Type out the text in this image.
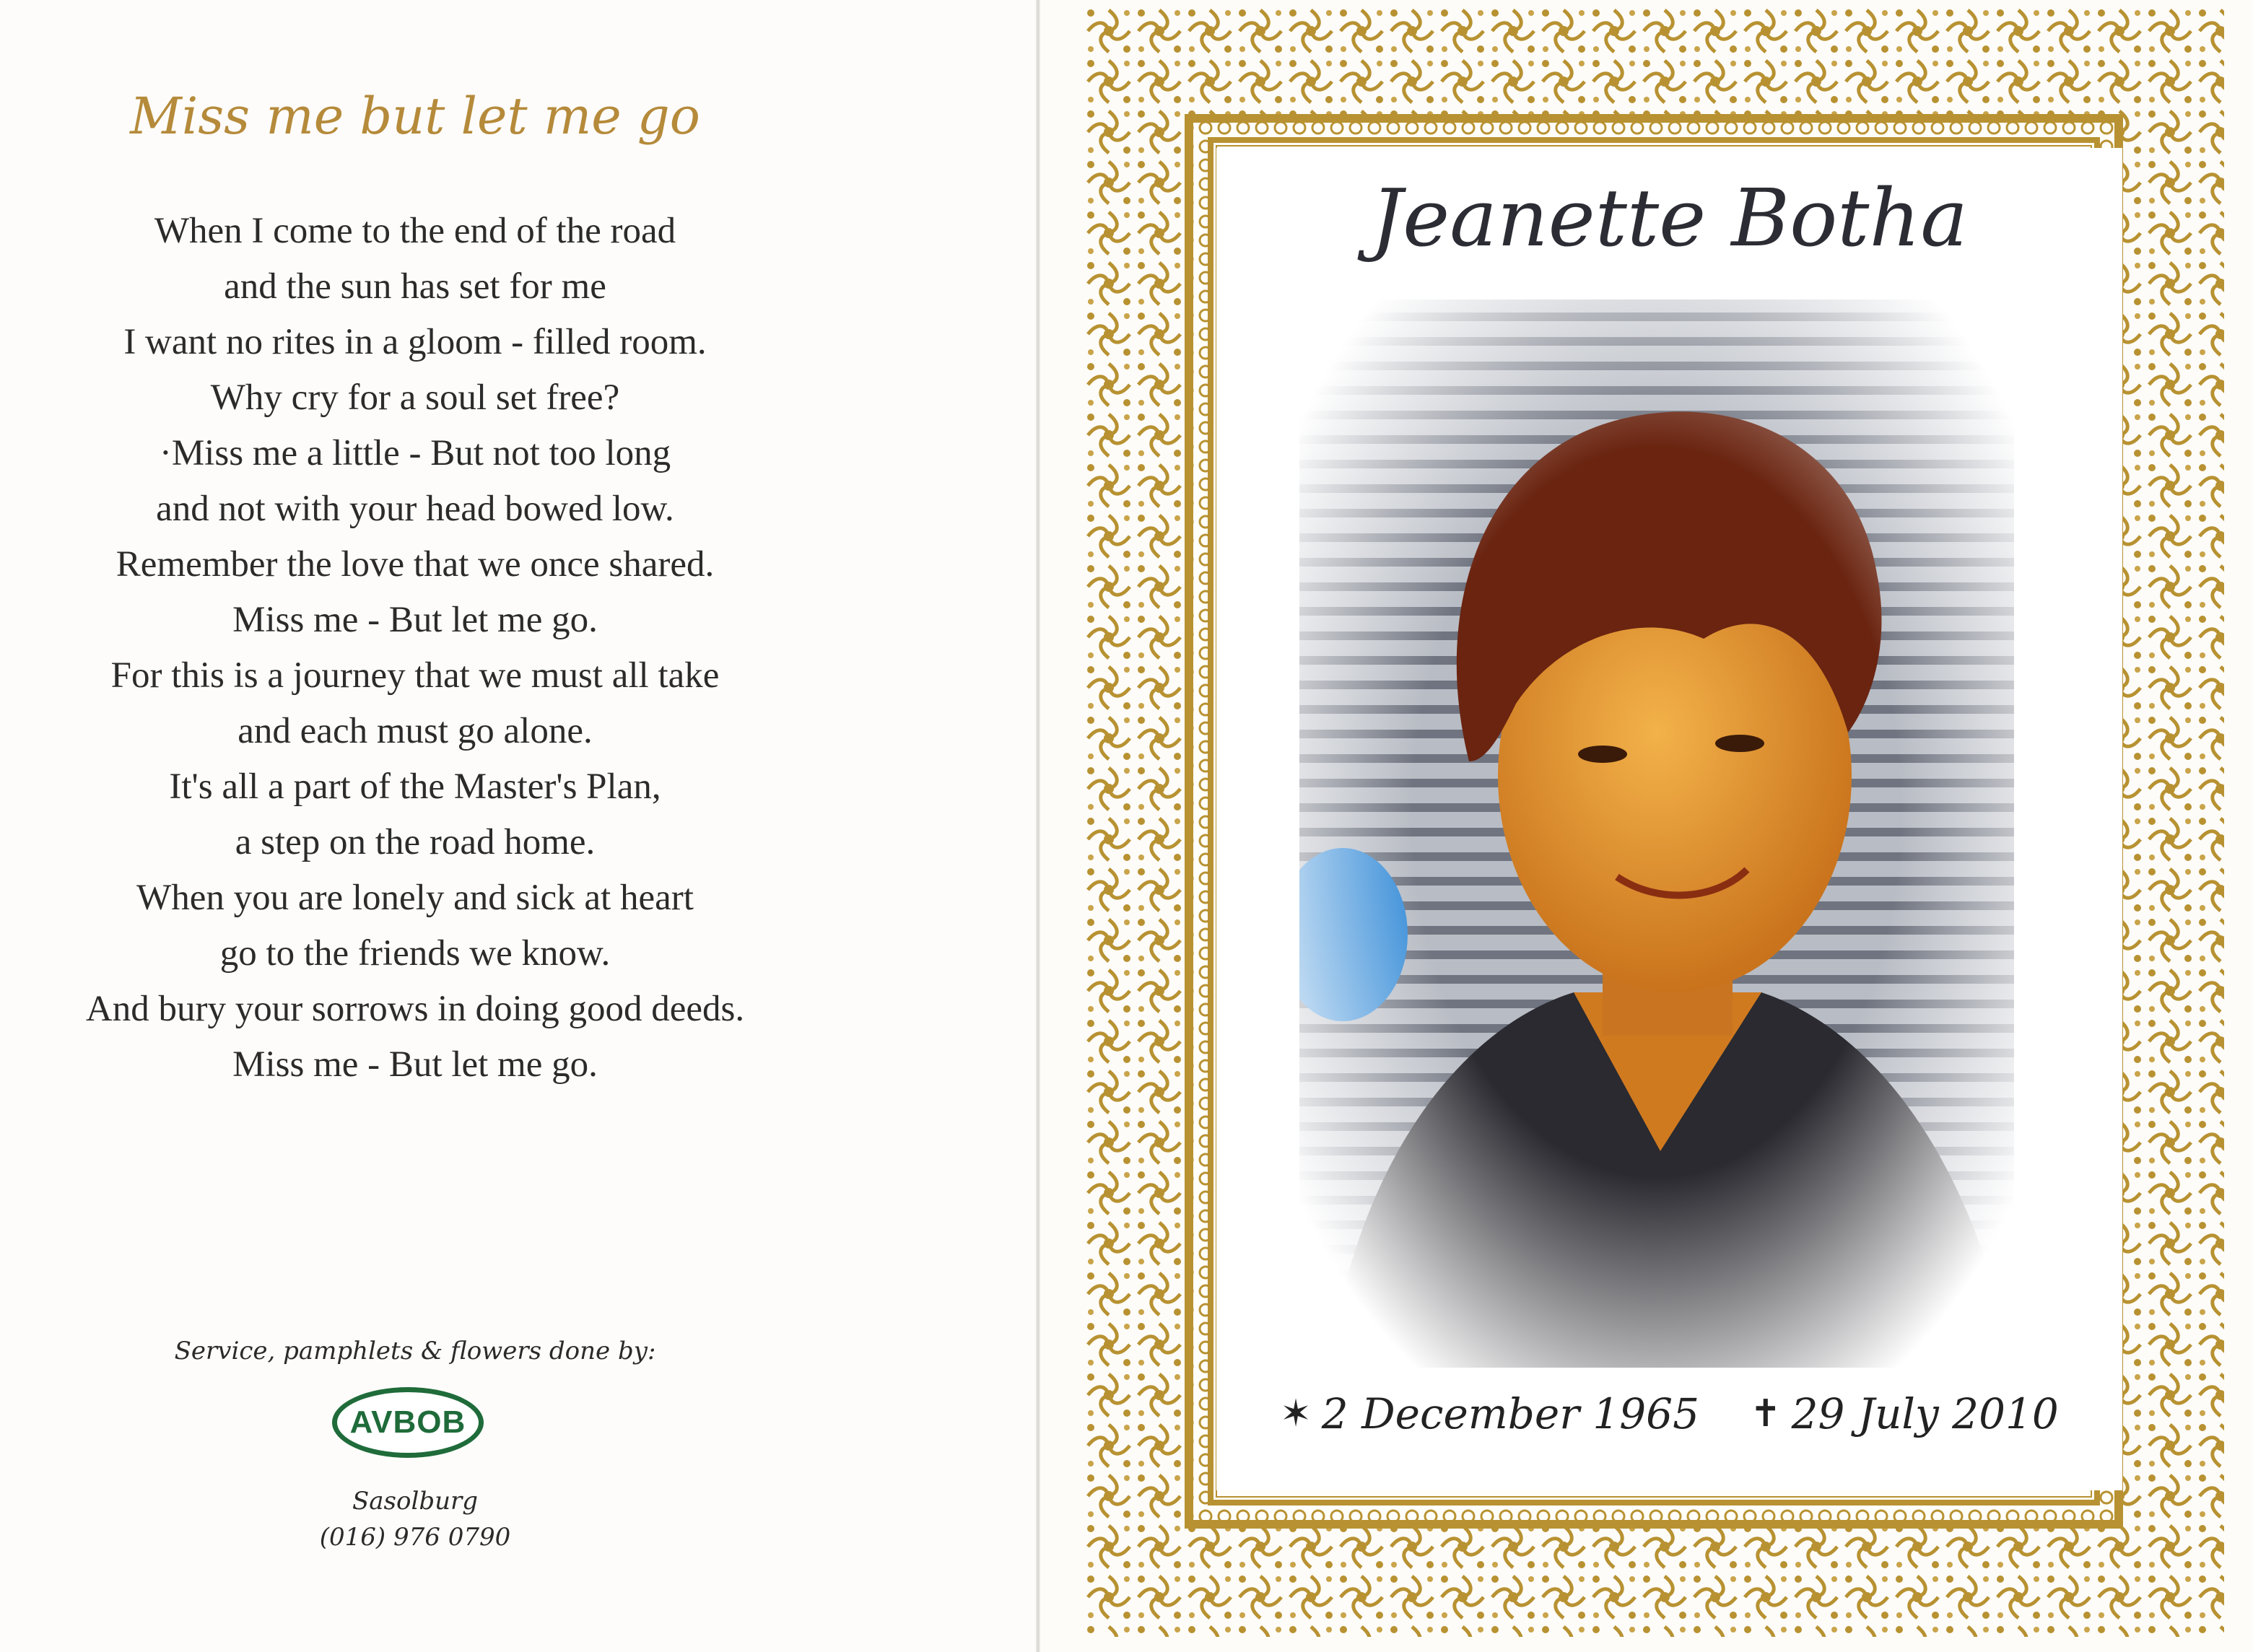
Miss me but let me go
When I come to the end of the road
and the sun has set for me
I want no rites in a gloom - filled room.
Why cry for a soul set free?
·Miss me a little - But not too long
and not with your head bowed low.
Remember the love that we once shared.
Miss me - But let me go.
For this is a journey that we must all take
and each must go alone.
It's all a part of the Master's Plan,
a step on the road home.
When you are lonely and sick at heart
go to the friends we know.
And bury your sorrows in doing good deeds.
Miss me - But let me go.
Service, pamphlets & flowers done by:
AVBOB
Sasolburg
(016) 976 0790
Jeanette Botha
✶ 2 December 1965 ✝ 29 July 2010
